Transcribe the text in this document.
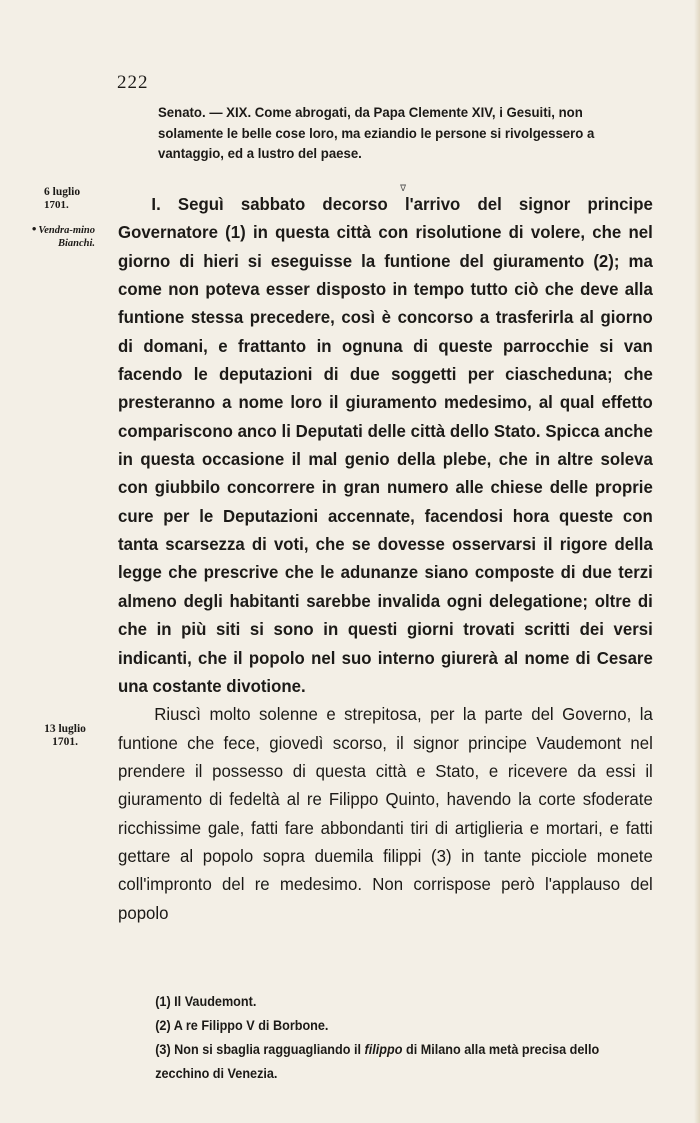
222

Senato. — XIX. Come abrogati, da Papa Clemente XIV, i Gesuiti, non solamente le belle cose loro, ma eziandio le persone si rivolgessero a vantaggio, ed a lustro del paese.

ᐁ
6 luglio
1701.
• Vendra-mino Bianchi.
13 luglio
1701.

I. Seguì sabbato decorso l'arrivo del signor principe Governatore (1) in questa città con risolutione di volere, che nel giorno di hieri si eseguisse la funtione del giuramento (2); ma come non poteva esser disposto in tempo tutto ciò che deve alla funtione stessa precedere, così è concorso a trasferirla al giorno di domani, e frattanto in ognuna di queste parrocchie si van facendo le deputazioni di due soggetti per ciascheduna; che presteranno a nome loro il giuramento medesimo, al qual effetto compariscono anco li Deputati delle città dello Stato. Spicca anche in questa occasione il mal genio della plebe, che in altre soleva con giubbilo concorrere in gran numero alle chiese delle proprie cure per le Deputazioni accennate, facendosi hora queste con tanta scarsezza di voti, che se dovesse osservarsi il rigore della legge che prescrive che le adunanze siano composte di due terzi almeno degli habitanti sarebbe invalida ogni delegatione; oltre di che in più siti si sono in questi giorni trovati scritti dei versi indicanti, che il popolo nel suo interno giurerà al nome di Cesare una costante divotione.

Riuscì molto solenne e strepitosa, per la parte del Governo, la funtione che fece, giovedì scorso, il signor principe Vaudemont nel prendere il possesso di questa città e Stato, e ricevere da essi il giuramento di fedeltà al re Filippo Quinto, havendo la corte sfoderate ricchissime gale, fatti fare abbondanti tiri di artiglieria e mortari, e fatti gettare al popolo sopra duemila filippi (3) in tante picciole monete coll'impronto del re medesimo. Non corrispose però l'applauso del popolo

(1) Il Vaudemont.

(2) A re Filippo V di Borbone.

(3) Non si sbaglia ragguagliando il filippo di Milano alla metà precisa dello zecchino di Venezia.
